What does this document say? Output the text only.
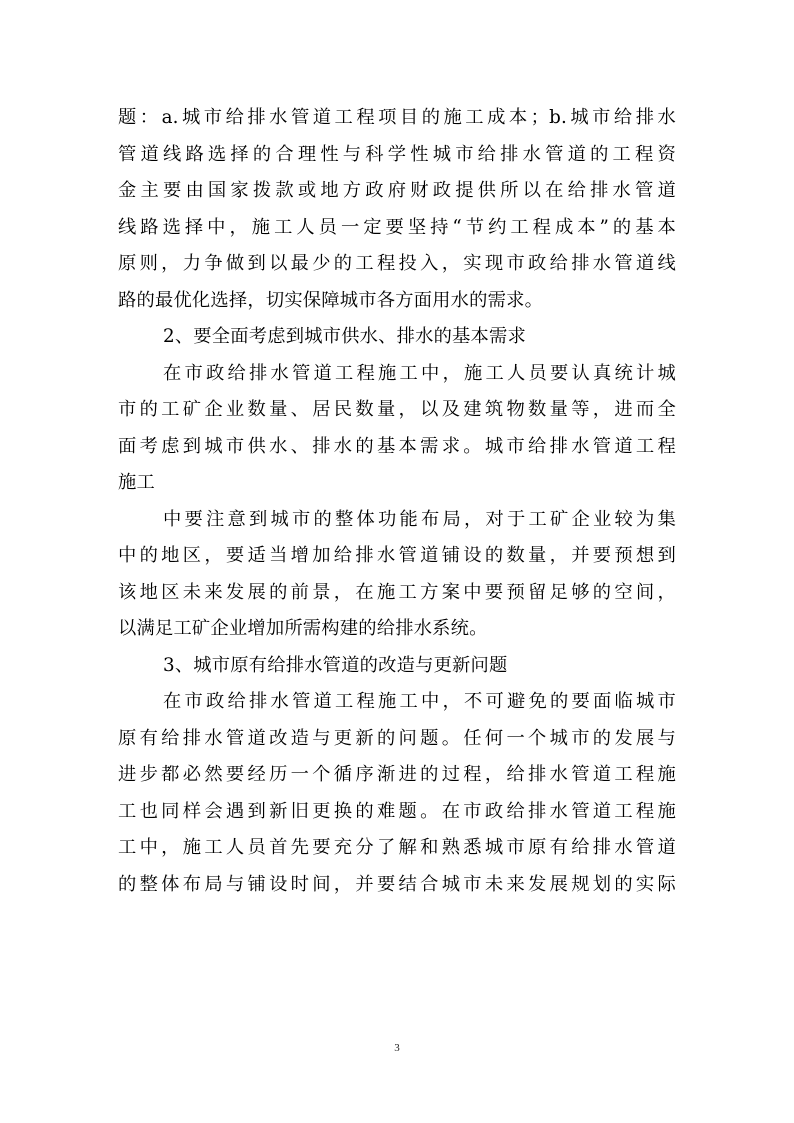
题：a.城市给排水管道工程项目的施工成本；b.城市给排水
管道线路选择的合理性与科学性城市给排水管道的工程资
金主要由国家拨款或地方政府财政提供所以在给排水管道
线路选择中，施工人员一定要坚持“节约工程成本”的基本
原则，力争做到以最少的工程投入，实现市政给排水管道线
路的最优化选择，切实保障城市各方面用水的需求。
2、要全面考虑到城市供水、排水的基本需求
在市政给排水管道工程施工中，施工人员要认真统计城
市的工矿企业数量、居民数量，以及建筑物数量等，进而全
面考虑到城市供水、排水的基本需求。城市给排水管道工程
施工
中要注意到城市的整体功能布局，对于工矿企业较为集
中的地区，要适当增加给排水管道铺设的数量，并要预想到
该地区未来发展的前景，在施工方案中要预留足够的空间，
以满足工矿企业增加所需构建的给排水系统。
3、城市原有给排水管道的改造与更新问题
在市政给排水管道工程施工中，不可避免的要面临城市
原有给排水管道改造与更新的问题。任何一个城市的发展与
进步都必然要经历一个循序渐进的过程，给排水管道工程施
工也同样会遇到新旧更换的难题。在市政给排水管道工程施
工中，施工人员首先要充分了解和熟悉城市原有给排水管道
的整体布局与铺设时间，并要结合城市未来发展规划的实际
3
